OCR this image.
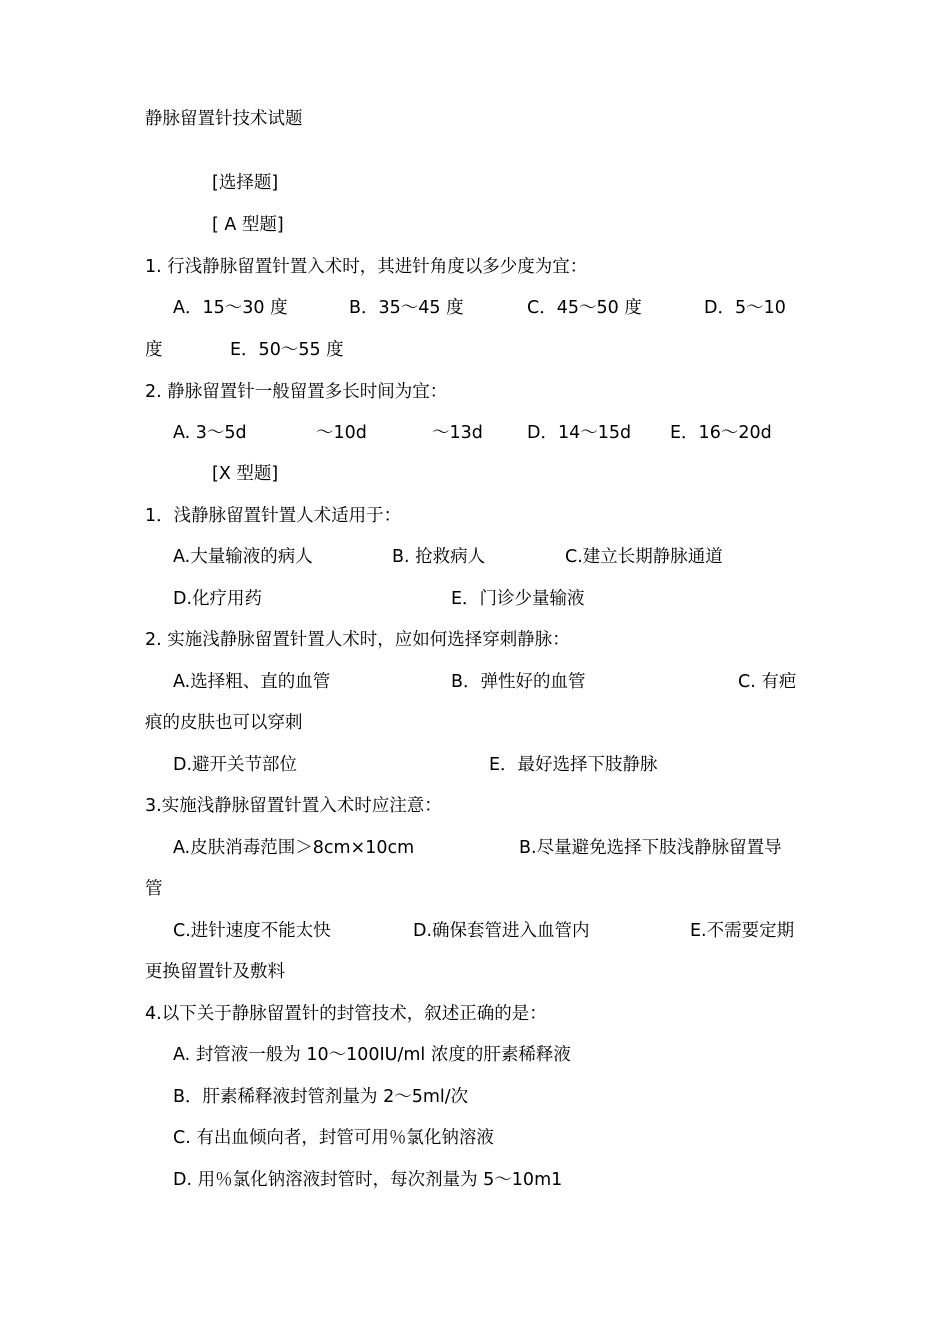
静脉留置针技术试题
[选择题]
[ A 型题]
1. 行浅静脉留置针置入术时，其进针角度以多少度为宜：
A．15～30 度	B．35～45 度	C．45～50 度	D．5～10
度	E．50～55 度
2. 静脉留置针一般留置多长时间为宜：
A. 3～5d	～10d	～13d	D．14～15d E．16～20d
[X 型题]
1．浅静脉留置针置人术适用于：
A.大量输液的病人	B. 抢救病人	C.建立长期静脉通道
D.化疗用药	E．门诊少量输液
2. 实施浅静脉留置针置人术时，应如何选择穿刺静脉：
A.选择粗、直的血管	B．弹性好的血管	C. 有疤
痕的皮肤也可以穿刺
D.避开关节部位	E．最好选择下肢静脉
3.实施浅静脉留置针置入术时应注意：
A.皮肤消毒范围＞8cm×10cm	B.尽量避免选择下肢浅静脉留置导
管
C.进针速度不能太快	D.确保套管进入血管内	E.不需要定期
更换留置针及敷料
4.以下关于静脉留置针的封管技术，叙述正确的是：
A. 封管液一般为 10～100IU/ml 浓度的肝素稀释液
B．肝素稀释液封管剂量为 2～5ml/次
C. 有出血倾向者，封管可用％氯化钠溶液
D. 用％氯化钠溶液封管时，每次剂量为 5～10m1
